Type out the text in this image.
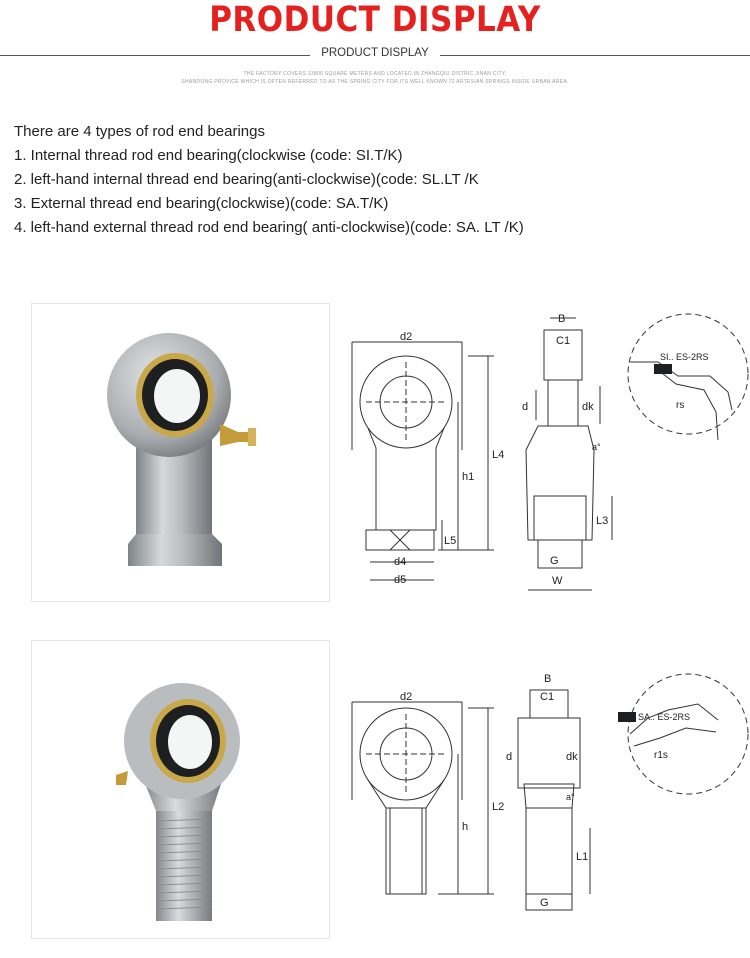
PRODUCT DISPLAY
PRODUCT DISPLAY
THE FACTORY COVERS 13800 SQUARE METERS AND LOCATED IN ZHANGQIU DISTRIC JINAN CITY,
SHANDONG PROVICE WHICH IS OFTEN REFERRED TO AS THE SPRING CITY FOR ITS WELL KNOWN 72 ARTESIAN SPRINGS INSIDE URBAN AREA.
There are 4 types of rod end bearings
1. Internal thread rod end bearing(clockwise (code: SI.T/K)
2. left-hand internal thread end bearing(anti-clockwise)(code: SL.LT /K
3. External thread end bearing(clockwise)(code: SA.T/K)
4. left-hand external thread rod end bearing( anti-clockwise)(code: SA. LT /K)
d2
L4
h1
L5
d4
d5
B
C1
d	dk
a°
L3
G
W
SI.. ES-2RS
rs
d2
L2
h
B
C1
d	dk
a°
L1
G
SA.. ES-2RS
r1s
